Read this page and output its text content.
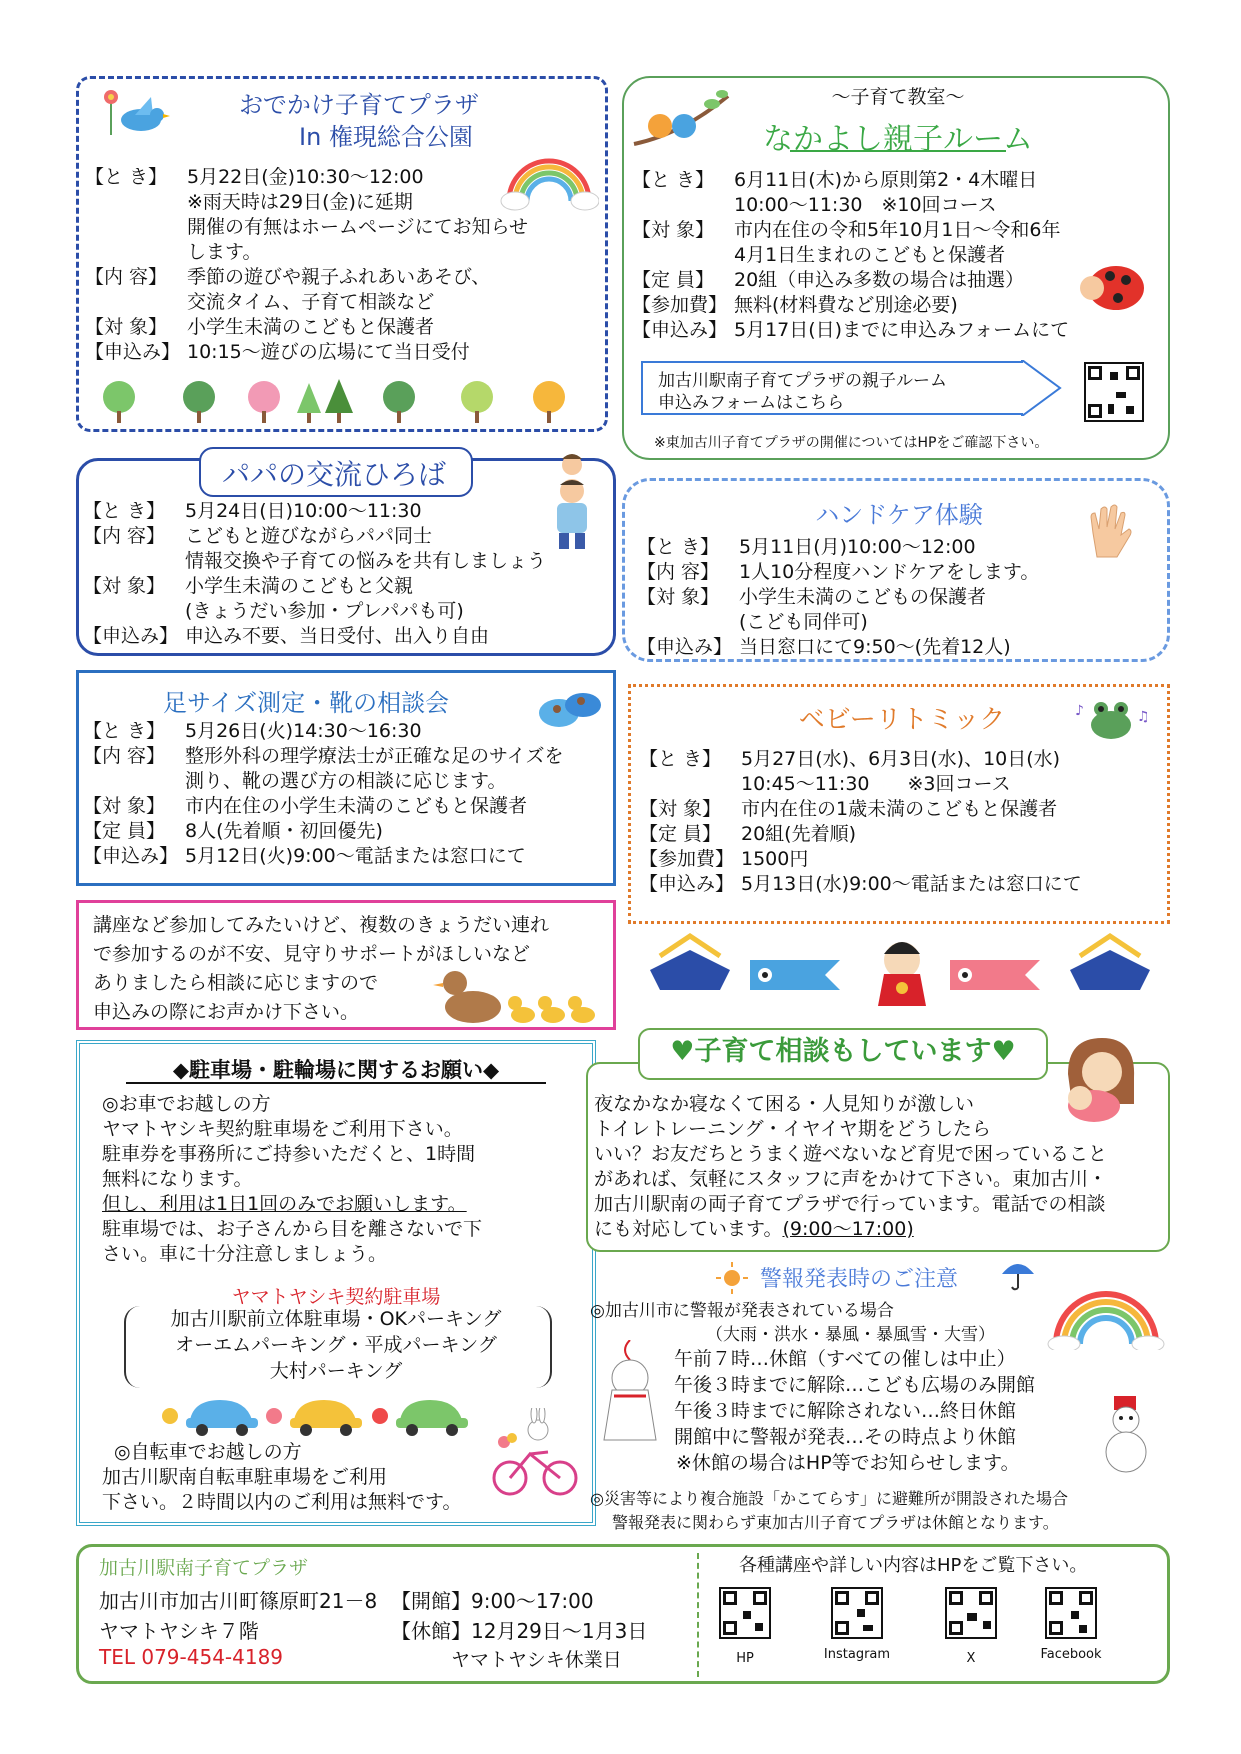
おでかけ子育てプラザ
In 権現総合公園
【と き】	5月22日(金)10:30～12:00
※雨天時は29日(金)に延期
開催の有無はホームページにてお知らせ
します。
【内 容】	季節の遊びや親子ふれあいあそび、
交流タイム、子育て相談など
【対 象】	小学生未満のこどもと保護者
【申込み】 10:15～遊びの広場にて当日受付
～子育て教室～
なかよし親子ルーム
【と き】	6月11日(木)から原則第2・4木曜日
10:00～11:30　※10回コース
【対 象】	市内在住の令和5年10月1日～令和6年
4月1日生まれのこどもと保護者
【定 員】	20組（申込み多数の場合は抽選）
【参加費】 無料(材料費など別途必要)
【申込み】 5月17日(日)までに申込みフォームにて
加古川駅南子育てプラザの親子ルーム
申込みフォームはこちら
※東加古川子育てプラザの開催についてはHPをご確認下さい。
パパの交流ひろば
【と き】	5月24日(日)10:00～11:30
【内 容】	こどもと遊びながらパパ同士
情報交換や子育ての悩みを共有しましょう
【対 象】	小学生未満のこどもと父親
(きょうだい参加・プレパパも可)
【申込み】 申込み不要、当日受付、出入り自由
ハンドケア体験
【と き】	5月11日(月)10:00～12:00
【内 容】	1人10分程度ハンドケアをします。
【対 象】	小学生未満のこどもの保護者
(こども同伴可)
【申込み】 当日窓口にて9:50～(先着12人)
足サイズ測定・靴の相談会
【と き】	5月26日(火)14:30～16:30
【内 容】	整形外科の理学療法士が正確な足のサイズを
測り、靴の選び方の相談に応じます。
【対 象】	市内在住の小学生未満のこどもと保護者
【定 員】	8人(先着順・初回優先)
【申込み】 5月12日(火)9:00～電話または窓口にて
ベビーリトミック	♪	♫
【と き】	5月27日(水)、6月3日(水)、10日(水)
10:45～11:30　　※3回コース
【対 象】	市内在住の1歳未満のこどもと保護者
【定 員】	20組(先着順)
【参加費】 1500円
【申込み】 5月13日(水)9:00～電話または窓口にて
講座など参加してみたいけど、複数のきょうだい連れ
で参加するのが不安、見守りサポートがほしいなど
ありましたら相談に応じますので
申込みの際にお声かけ下さい。
◆駐車場・駐輪場に関するお願い◆
◎お車でお越しの方
ヤマトヤシキ契約駐車場をご利用下さい。
駐車券を事務所にご持参いただくと、1時間
無料になります。
但し、利用は1日1回のみでお願いします。
駐車場では、お子さんから目を離さないで下
さい。車に十分注意しましょう。
ヤマトヤシキ契約駐車場
加古川駅前立体駐車場・OKパーキング
オーエムパーキング・平成パーキング
大村パーキング
◎自転車でお越しの方
加古川駅南自転車駐車場をご利用
下さい。２時間以内のご利用は無料です。
♥子育て相談もしています♥
夜なかなか寝なくて困る・人見知りが激しい
トイレトレーニング・イヤイヤ期をどうしたら
いい？お友だちとうまく遊べないなど育児で困っていること
があれば、気軽にスタッフに声をかけて下さい。東加古川・
加古川駅南の両子育てプラザで行っています。電話での相談
にも対応しています。(9:00～17:00)
警報発表時のご注意
◎加古川市に警報が発表されている場合
（大雨・洪水・暴風・暴風雪・大雪）
午前７時…休館（すべての催しは中止）
午後３時までに解除…こども広場のみ開館
午後３時までに解除されない…終日休館
開館中に警報が発表…その時点より休館
※休館の場合はHP等でお知らせします。
◎災害等により複合施設「かこてらす」に避難所が開設された場合
警報発表に関わらず東加古川子育てプラザは休館となります。
加古川駅南子育てプラザ
加古川市加古川町篠原町21－8
ヤマトヤシキ７階
TEL 079-454-4189
【開館】9:00～17:00
【休館】12月29日～1月3日
ヤマトヤシキ休業日
各種講座や詳しい内容はHPをご覧下さい。
HP	Instagram	X	Facebook
